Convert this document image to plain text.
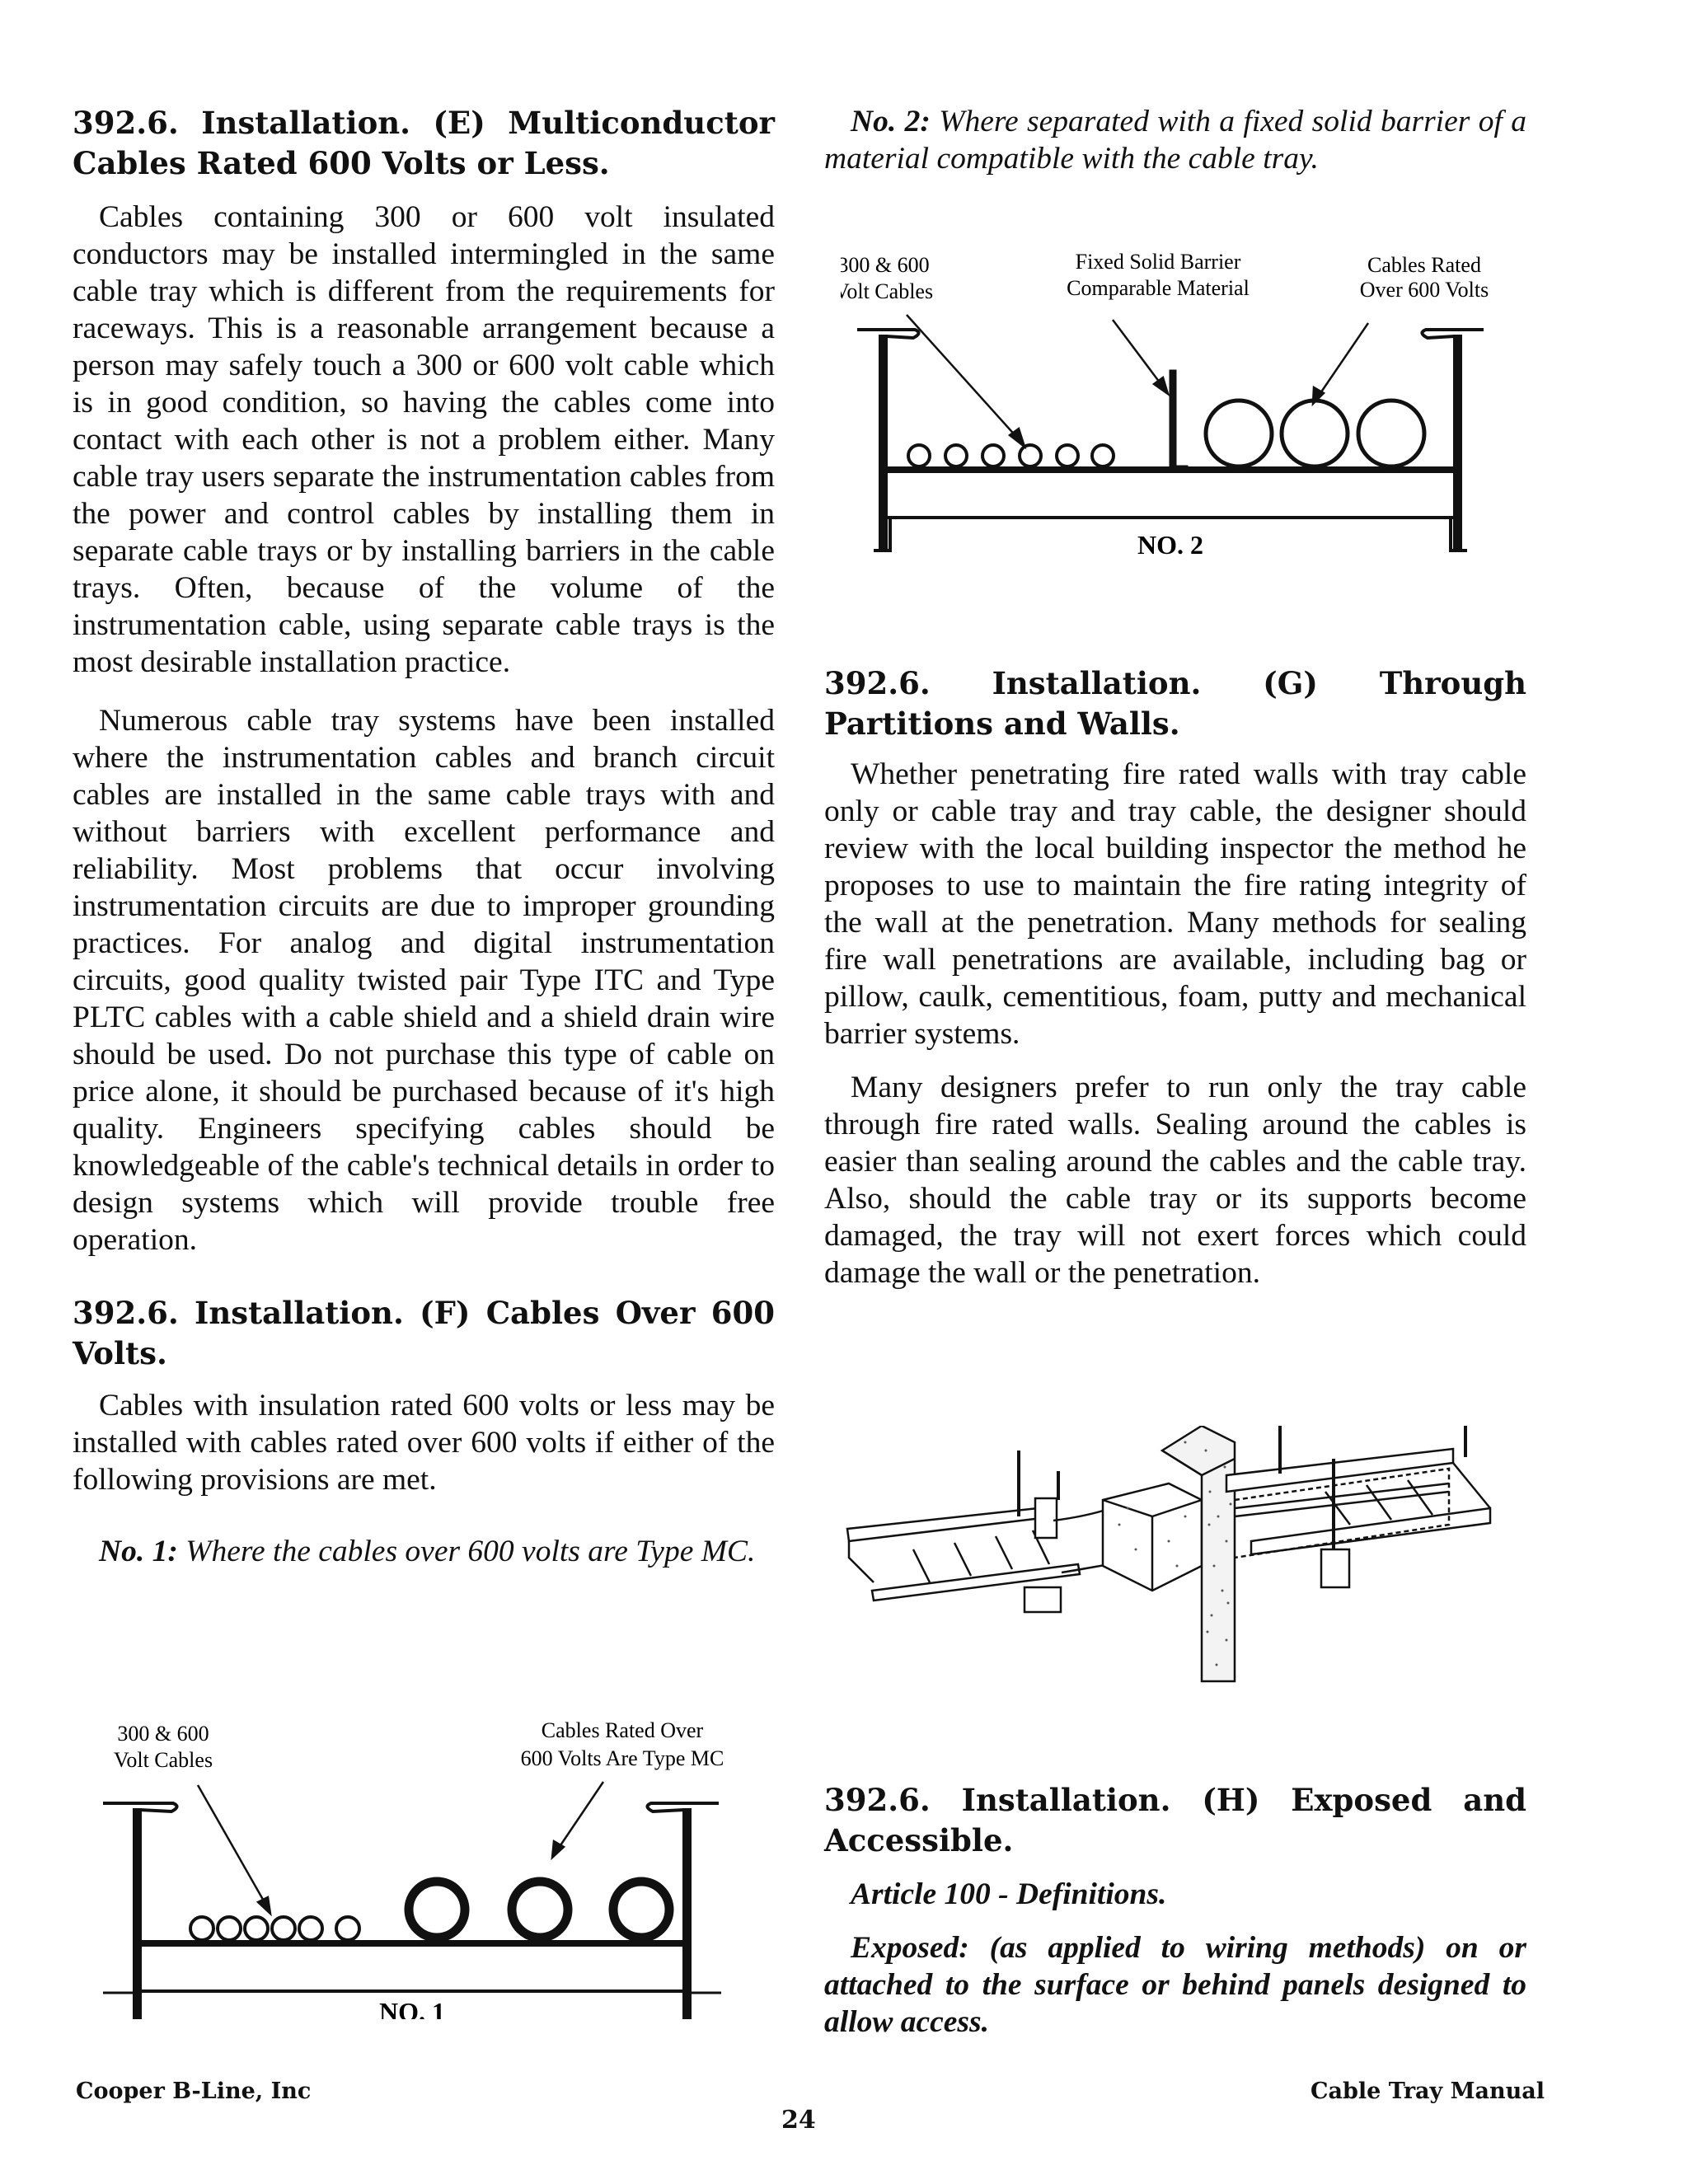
392.6. Installation. (E) Multiconductor Cables Rated 600 Volts or Less.

Cables containing 300 or 600 volt insulated conductors may be installed intermingled in the same cable tray which is different from the requirements for raceways. This is a reasonable arrangement because a person may safely touch a 300 or 600 volt cable which is in good condition, so having the cables come into contact with each other is not a problem either. Many cable tray users separate the instrumentation cables from the power and control cables by installing them in separate cable trays or by installing barriers in the cable trays. Often, because of the volume of the instrumentation cable, using separate cable trays is the most desirable installation practice.

Numerous cable tray systems have been installed where the instrumentation cables and branch circuit cables are installed in the same cable trays with and without barriers with excellent performance and reliability. Most problems that occur involving instrumentation circuits are due to improper grounding practices. For analog and digital instrumentation circuits, good quality twisted pair Type ITC and Type PLTC cables with a cable shield and a shield drain wire should be used. Do not purchase this type of cable on price alone, it should be purchased because of it's high quality. Engineers specifying cables should be knowledgeable of the cable's technical details in order to design systems which will provide trouble free operation.

392.6. Installation. (F) Cables Over 600 Volts.

Cables with insulation rated 600 volts or less may be installed with cables rated over 600 volts if either of the following provisions are met.

No. 1: Where the cables over 600 volts are Type MC.

No. 2: Where separated with a fixed solid barrier of a material compatible with the cable tray.

392.6. Installation. (G) Through Partitions and Walls.

Whether penetrating fire rated walls with tray cable only or cable tray and tray cable, the designer should review with the local building inspector the method he proposes to use to maintain the fire rating integrity of the wall at the penetration. Many methods for sealing fire wall penetrations are available, including bag or pillow, caulk, cementitious, foam, putty and mechanical barrier systems.

Many designers prefer to run only the tray cable through fire rated walls. Sealing around the cables is easier than sealing around the cables and the cable tray. Also, should the cable tray or its supports become damaged, the tray will not exert forces which could damage the wall or the penetration.

392.6. Installation. (H) Exposed and Accessible.

Article 100 - Definitions.

Exposed: (as applied to wiring methods) on or attached to the surface or behind panels designed to allow access.

300 & 600
Volt Cables
Fixed Solid Barrier
Comparable Material
Cables Rated
Over 600 Volts
NO. 2
300 & 600
Volt Cables
Cables Rated Over
600 Volts Are Type MC
NO. 1
Cooper B-Line, Inc
24
Cable Tray Manual
